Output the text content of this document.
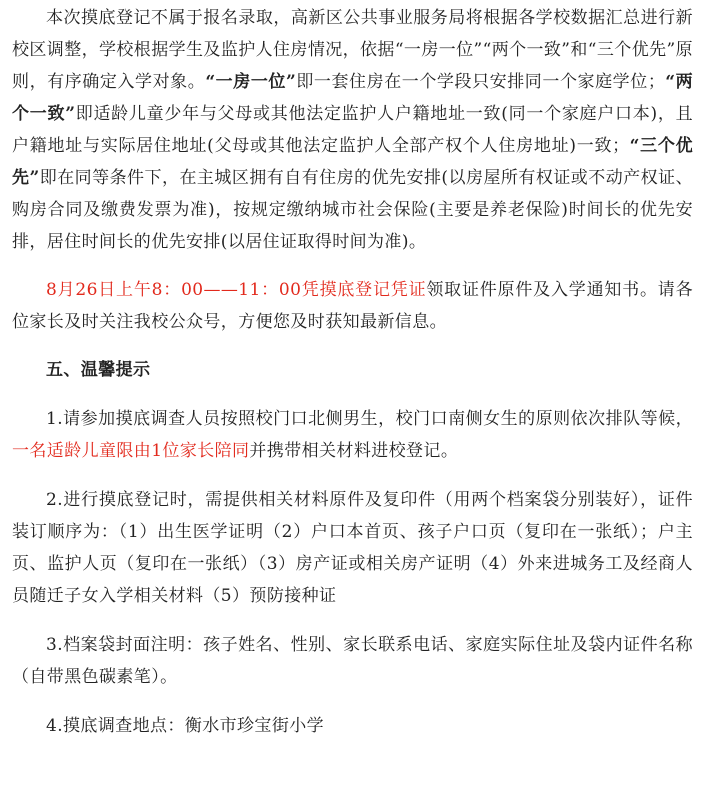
本次摸底登记不属于报名录取，高新区公共事业服务局将根据各学校数据汇总进行新校区调整，学校根据学生及监护人住房情况，依据“一房一位”“两个一致”和“三个优先”原则，有序确定入学对象。“一房一位”即一套住房在一个学段只安排同一个家庭学位；“两个一致”即适龄儿童少年与父母或其他法定监护人户籍地址一致(同一个家庭户口本)，且户籍地址与实际居住地址(父母或其他法定监护人全部产权个人住房地址)一致；“三个优先”即在同等条件下，在主城区拥有自有住房的优先安排(以房屋所有权证或不动产权证、购房合同及缴费发票为准)，按规定缴纳城市社会保险(主要是养老保险)时间长的优先安排，居住时间长的优先安排(以居住证取得时间为准)。

8月26日上午8：00——11：00凭摸底登记凭证领取证件原件及入学通知书。请各位家长及时关注我校公众号，方便您及时获知最新信息。

五、温馨提示

1.请参加摸底调查人员按照校门口北侧男生，校门口南侧女生的原则依次排队等候，一名适龄儿童限由1位家长陪同并携带相关材料进校登记。

2.进行摸底登记时，需提供相关材料原件及复印件（用两个档案袋分别装好），证件装订顺序为：（1）出生医学证明（2）户口本首页、孩子户口页（复印在一张纸）；户主页、监护人页（复印在一张纸）（3）房产证或相关房产证明（4）外来进城务工及经商人员随迁子女入学相关材料（5）预防接种证

3.档案袋封面注明：孩子姓名、性别、家长联系电话、家庭实际住址及袋内证件名称（自带黑色碳素笔）。

4.摸底调查地点：衡水市珍宝街小学
